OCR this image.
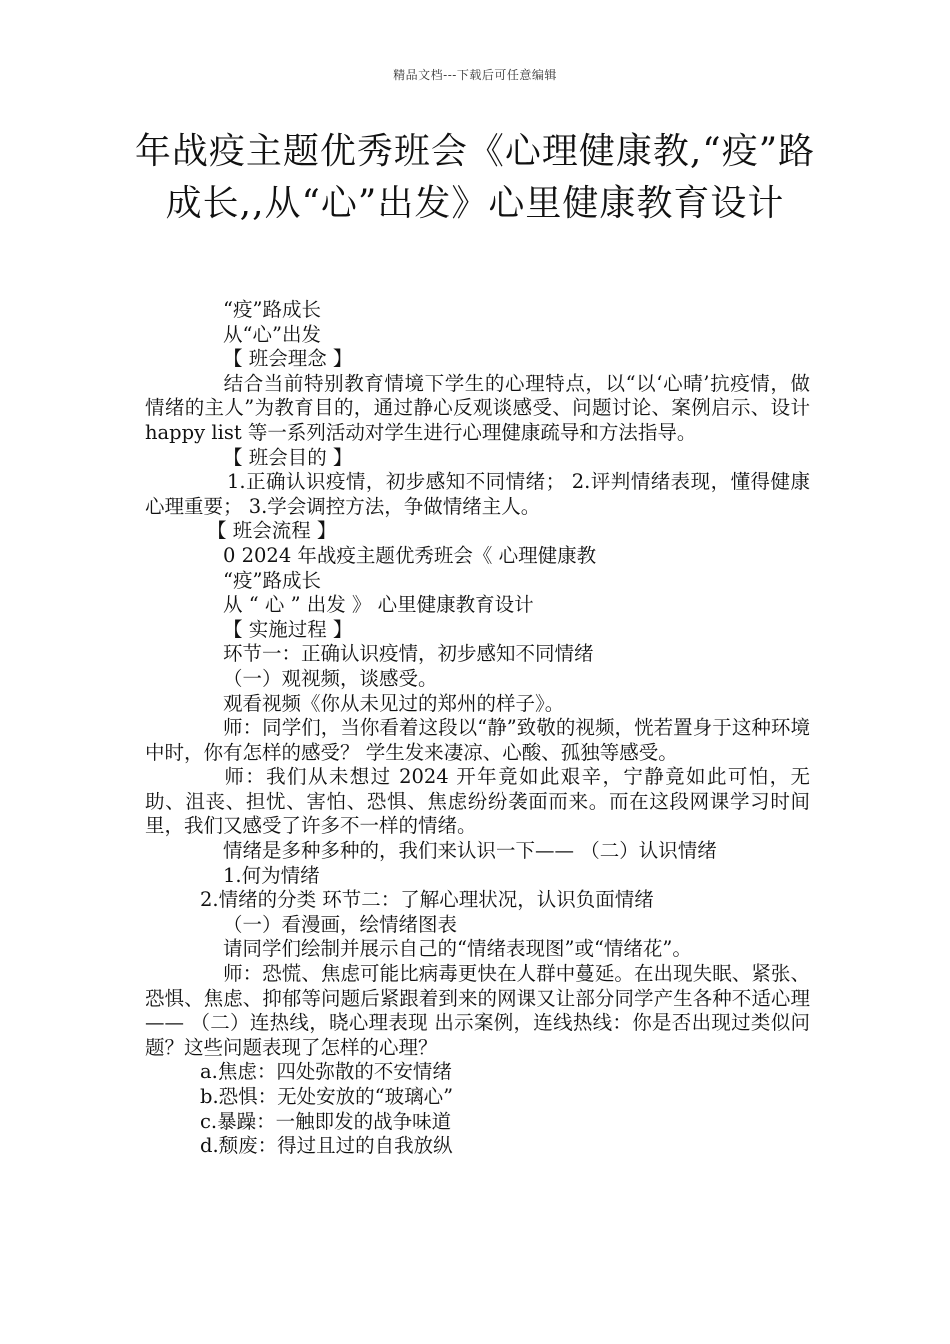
精品文档---下载后可任意编辑
年战疫主题优秀班会《心理健康教,“疫”路成长,,从“心”出发》心里健康教育设计
“疫”路成长
从“心”出发
【 班会理念 】
结合当前特别教育情境下学生的心理特点，以“以‘心晴’抗疫情，做情绪的主人”为教育目的，通过静心反观谈感受、问题讨论、案例启示、设计 happy list 等一系列活动对学生进行心理健康疏导和方法指导。
【 班会目的 】
1.正确认识疫情，初步感知不同情绪； 2.评判情绪表现，懂得健康心理重要； 3.学会调控方法，争做情绪主人。
【 班会流程 】
0 2024 年战疫主题优秀班会《 心理健康教
“疫”路成长
从 “ 心 ” 出发 》 心里健康教育设计
【 实施过程 】
环节一：正确认识疫情，初步感知不同情绪
（一）观视频，谈感受。
观看视频《你从未见过的郑州的样子》。
师：同学们，当你看着这段以“静”致敬的视频，恍若置身于这种环境中时，你有怎样的感受？ 学生发来凄凉、心酸、孤独等感受。
师：我们从未想过 2024 开年竟如此艰辛，宁静竟如此可怕，无助、沮丧、担忧、害怕、恐惧、焦虑纷纷袭面而来。而在这段网课学习时间里，我们又感受了许多不一样的情绪。
情绪是多种多种的，我们来认识一下—— （二）认识情绪
1.何为情绪
2.情绪的分类 环节二：了解心理状况，认识负面情绪
（一）看漫画，绘情绪图表
请同学们绘制并展示自己的“情绪表现图”或“情绪花”。
师：恐慌、焦虑可能比病毒更快在人群中蔓延。在出现失眠、紧张、恐惧、焦虑、抑郁等问题后紧跟着到来的网课又让部分同学产生各种不适心理—— （二）连热线，晓心理表现 出示案例，连线热线：你是否出现过类似问题？这些问题表现了怎样的心理？
a.焦虑：四处弥散的不安情绪
b.恐惧：无处安放的“玻璃心”
c.暴躁：一触即发的战争味道
d.颓废：得过且过的自我放纵
